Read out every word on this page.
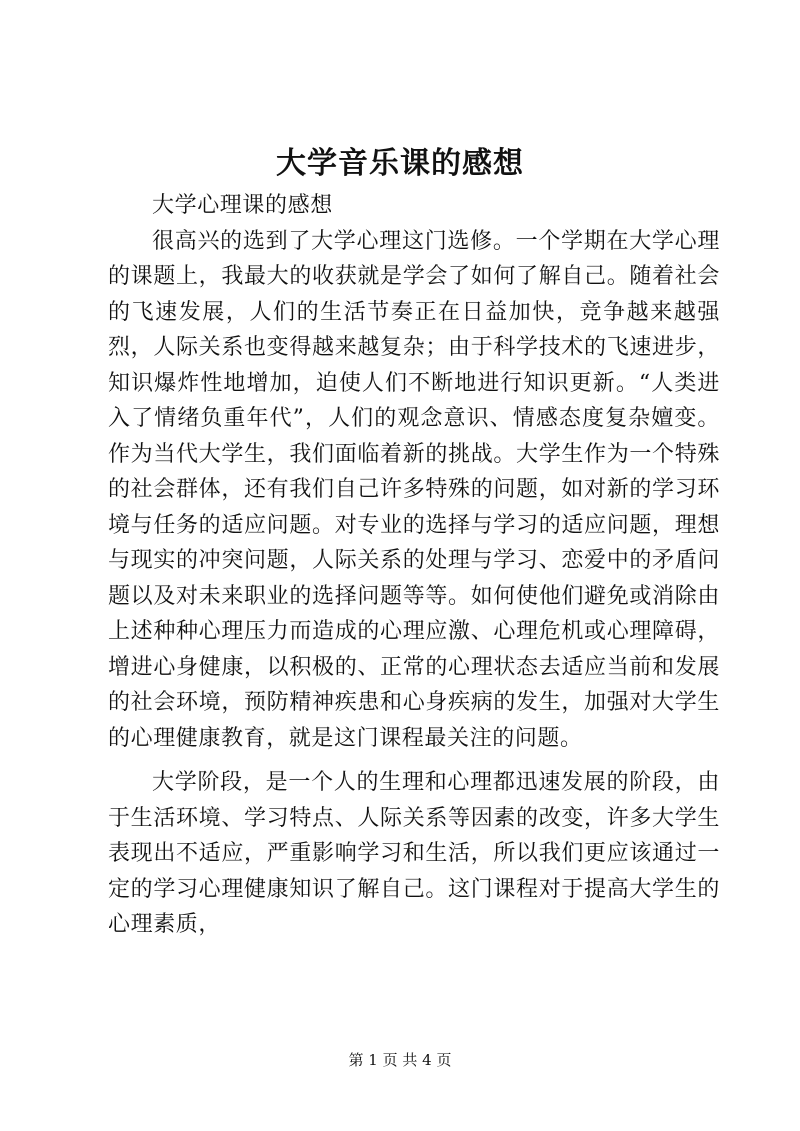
大学音乐课的感想

大学心理课的感想

很高兴的选到了大学心理这门选修。一个学期在大学心理的课题上，我最大的收获就是学会了如何了解自己。随着社会的飞速发展，人们的生活节奏正在日益加快，竞争越来越强烈，人际关系也变得越来越复杂；由于科学技术的飞速进步，知识爆炸性地增加，迫使人们不断地进行知识更新。“人类进入了情绪负重年代”，人们的观念意识、情感态度复杂嬗变。作为当代大学生，我们面临着新的挑战。大学生作为一个特殊的社会群体，还有我们自己许多特殊的问题，如对新的学习环境与任务的适应问题。对专业的选择与学习的适应问题，理想与现实的冲突问题，人际关系的处理与学习、恋爱中的矛盾问题以及对未来职业的选择问题等等。如何使他们避免或消除由上述种种心理压力而造成的心理应激、心理危机或心理障碍，增进心身健康，以积极的、正常的心理状态去适应当前和发展的社会环境，预防精神疾患和心身疾病的发生，加强对大学生的心理健康教育，就是这门课程最关注的问题。

大学阶段，是一个人的生理和心理都迅速发展的阶段，由于生活环境、学习特点、人际关系等因素的改变，许多大学生表现出不适应，严重影响学习和生活，所以我们更应该通过一定的学习心理健康知识了解自己。这门课程对于提高大学生的心理素质，

第 1 页 共 4 页
